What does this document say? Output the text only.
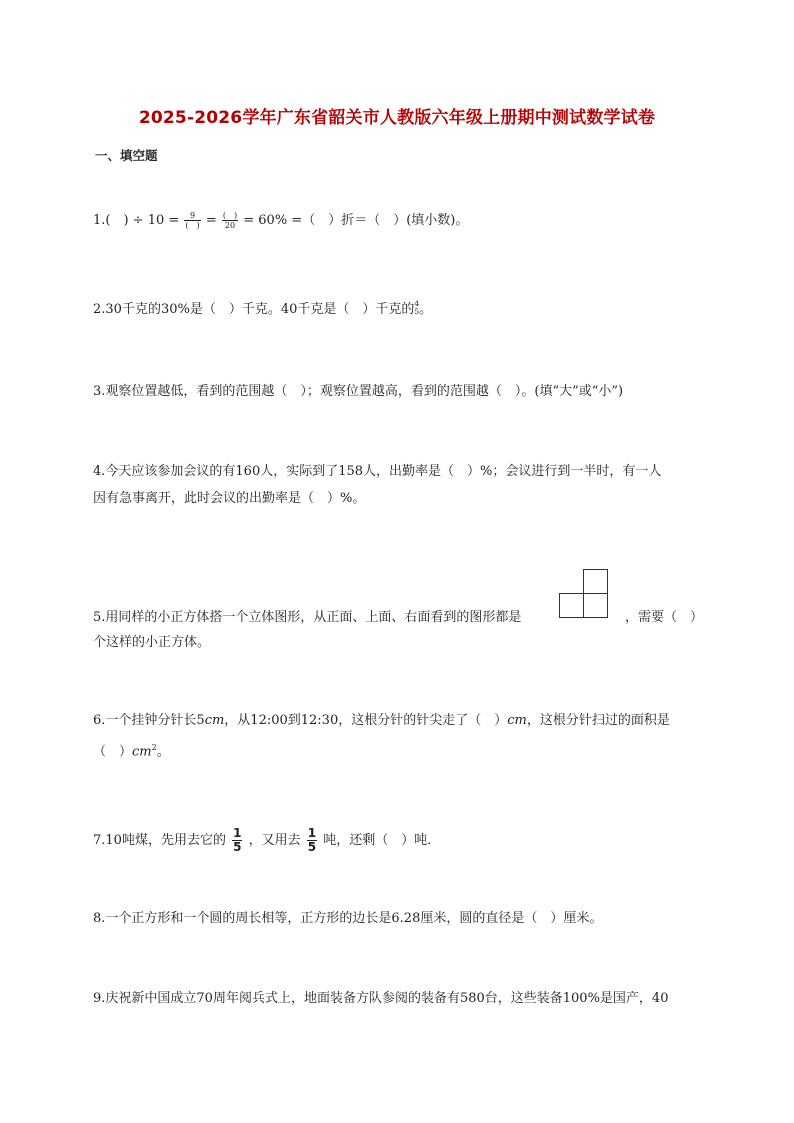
2025-2026学年广东省韶关市人教版六年级上册期中测试数学试卷
一、填空题
1.(　) ÷ $10 = \frac{9}{( )} = \frac{( )}{20} = 60\%$ =（　）折＝（　）(填小数)。
2.30千克的30%是（　）千克。40千克是（　）千克的 4
5 。
3.观察位置越低，看到的范围越（　）；观察位置越高，看到的范围越（　）。(填“大”或“小”)
4.今天应该参加会议的有160人，实际到了158人，出勤率是（　）%；会议进行到一半时，有一人
因有急事离开，此时会议的出勤率是（　）%。
5.用同样的小正方体搭一个立体图形，从正面、上面、右面看到的图形都是	，需要（　）
个这样的小正方体。
6.一个挂钟分针长5cm，从12:00到12:30，这根分针的针尖走了（　）cm，这根分针扫过的面积是
（　）$cm^2$。
7.10吨煤，先用去它的 $\frac{1}{5}$ ，又用去 $\frac{1}{5}$ 吨，还剩（　）吨．
8.一个正方形和一个圆的周长相等，正方形的边长是6.28厘米，圆的直径是（　）厘米。
9.庆祝新中国成立70周年阅兵式上，地面装备方队参阅的装备有580台，这些装备100%是国产，40
